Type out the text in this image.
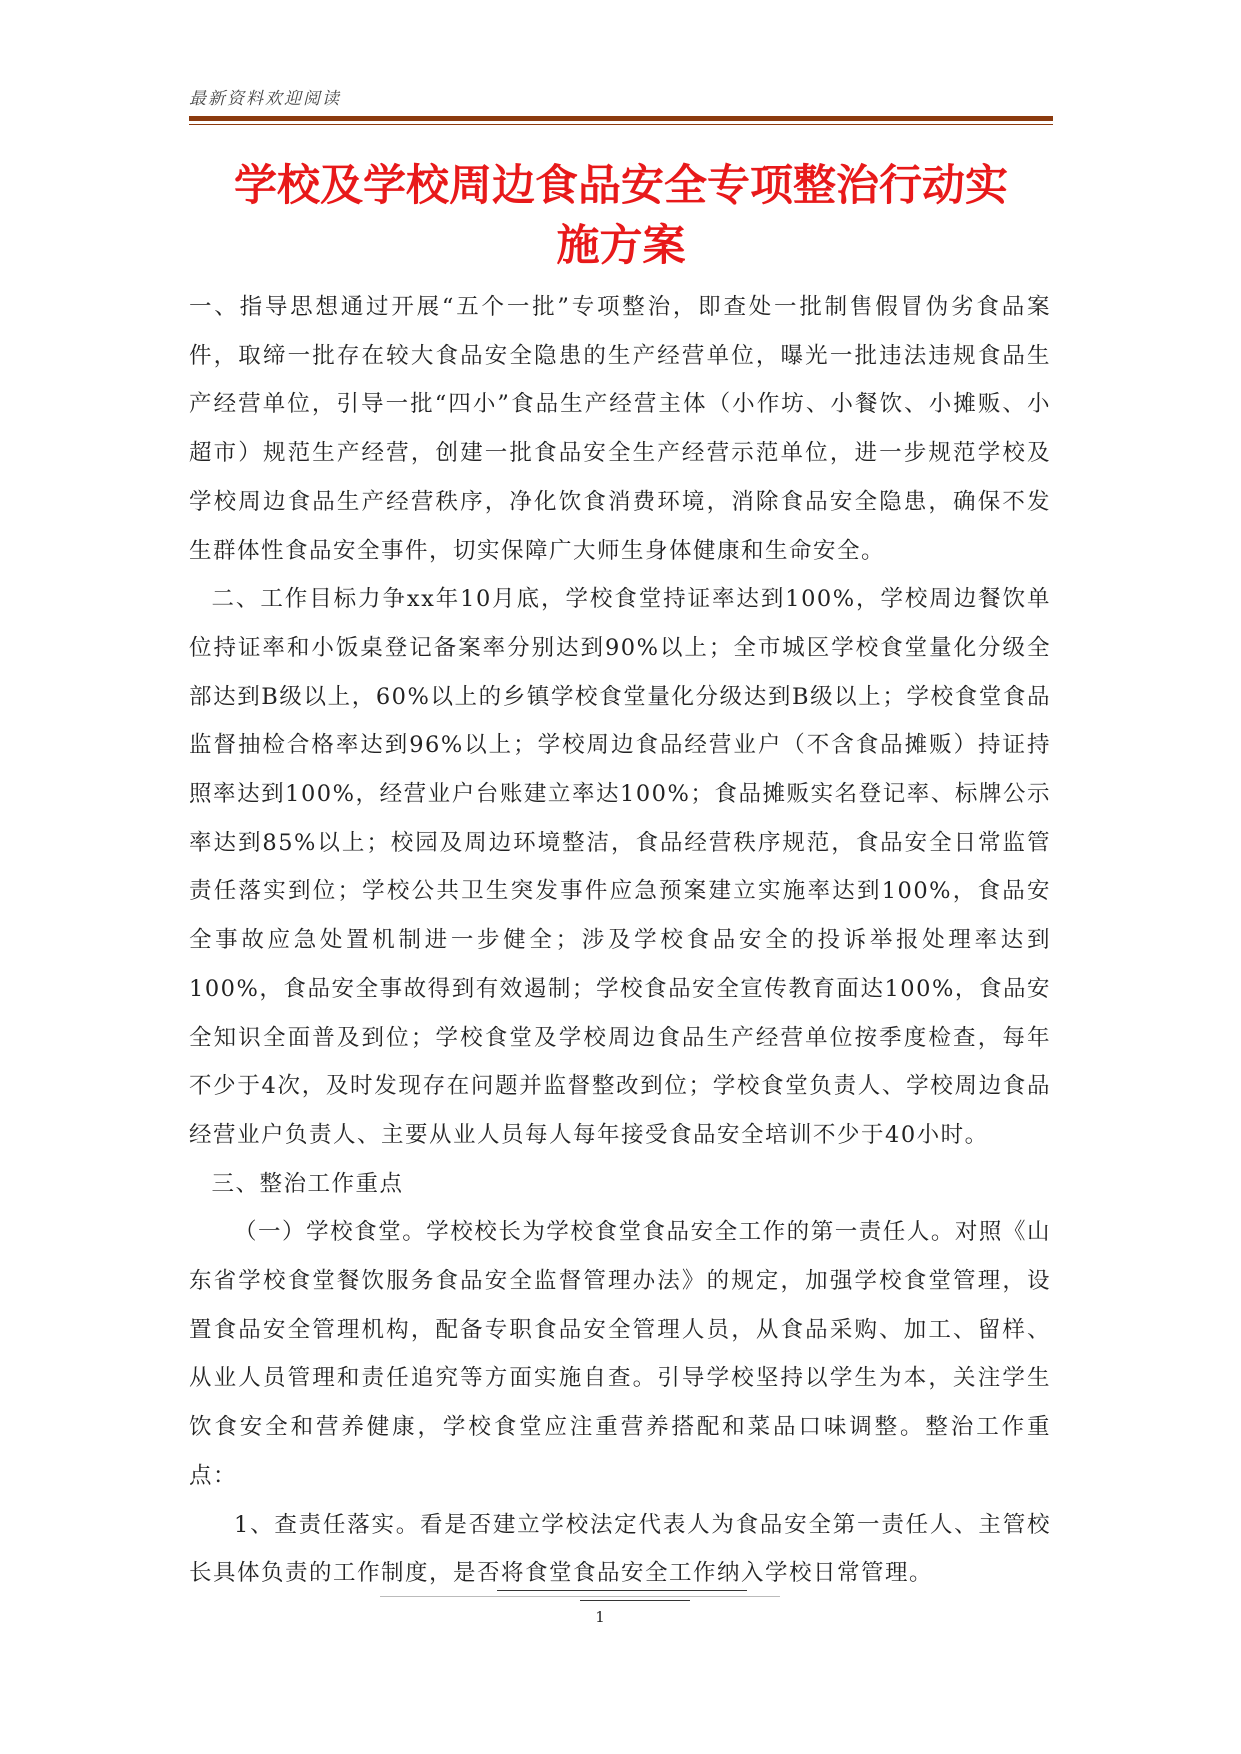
最新资料欢迎阅读
学校及学校周边食品安全专项整治行动实
施方案

一、指导思想通过开展“五个一批”专项整治，即查处一批制售假冒伪劣食品案件，取缔一批存在较大食品安全隐患的生产经营单位，曝光一批违法违规食品生产经营单位，引导一批“四小”食品生产经营主体（小作坊、小餐饮、小摊贩、小超市）规范生产经营，创建一批食品安全生产经营示范单位，进一步规范学校及学校周边食品生产经营秩序，净化饮食消费环境，消除食品安全隐患，确保不发生群体性食品安全事件，切实保障广大师生身体健康和生命安全。

二、工作目标力争xx年10月底，学校食堂持证率达到100%，学校周边餐饮单位持证率和小饭桌登记备案率分别达到90%以上；全市城区学校食堂量化分级全部达到B级以上，60%以上的乡镇学校食堂量化分级达到B级以上；学校食堂食品监督抽检合格率达到96%以上；学校周边食品经营业户（不含食品摊贩）持证持照率达到100%，经营业户台账建立率达100%；食品摊贩实名登记率、标牌公示率达到85%以上；校园及周边环境整洁，食品经营秩序规范，食品安全日常监管责任落实到位；学校公共卫生突发事件应急预案建立实施率达到100%，食品安全事故应急处置机制进一步健全；涉及学校食品安全的投诉举报处理率达到100%，食品安全事故得到有效遏制；学校食品安全宣传教育面达100%，食品安全知识全面普及到位；学校食堂及学校周边食品生产经营单位按季度检查，每年不少于4次，及时发现存在问题并监督整改到位；学校食堂负责人、学校周边食品经营业户负责人、主要从业人员每人每年接受食品安全培训不少于40小时。

三、整治工作重点

（一）学校食堂。学校校长为学校食堂食品安全工作的第一责任人。对照《山东省学校食堂餐饮服务食品安全监督管理办法》的规定，加强学校食堂管理，设置食品安全管理机构，配备专职食品安全管理人员，从食品采购、加工、留样、从业人员管理和责任追究等方面实施自查。引导学校坚持以学生为本，关注学生饮食安全和营养健康，学校食堂应注重营养搭配和菜品口味调整。整治工作重点：

1、查责任落实。看是否建立学校法定代表人为食品安全第一责任人、主管校长具体负责的工作制度，是否将食堂食品安全工作纳入学校日常管理。

1
